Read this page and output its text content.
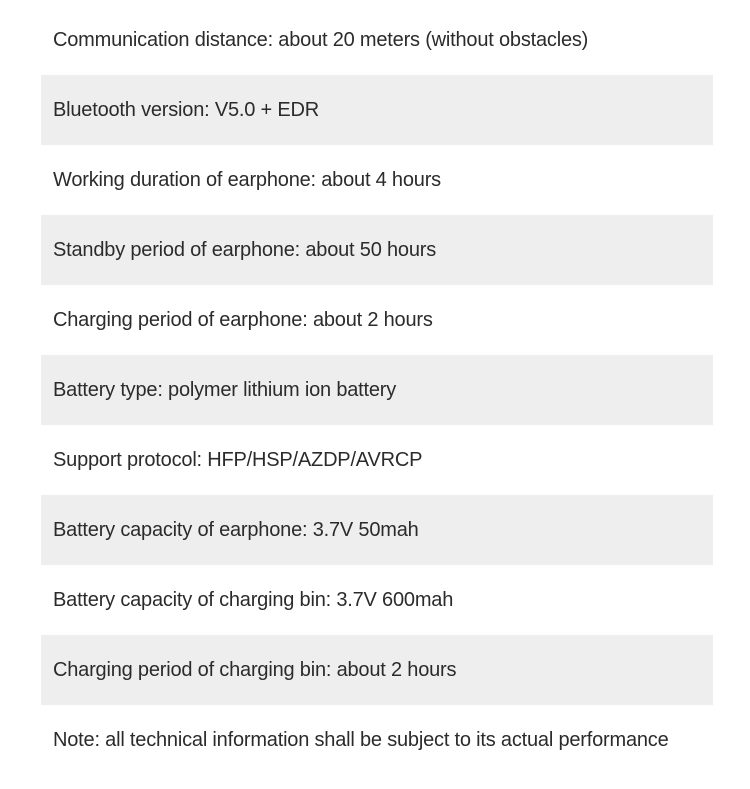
Communication distance: about 20 meters (without obstacles)
Bluetooth version: V5.0 + EDR
Working duration of earphone: about 4 hours
Standby period of earphone: about 50 hours
Charging period of earphone: about 2 hours
Battery type: polymer lithium ion battery
Support protocol: HFP/HSP/AZDP/AVRCP
Battery capacity of earphone: 3.7V 50mah
Battery capacity of charging bin: 3.7V 600mah
Charging period of charging bin: about 2 hours
Note: all technical information shall be subject to its actual performance
